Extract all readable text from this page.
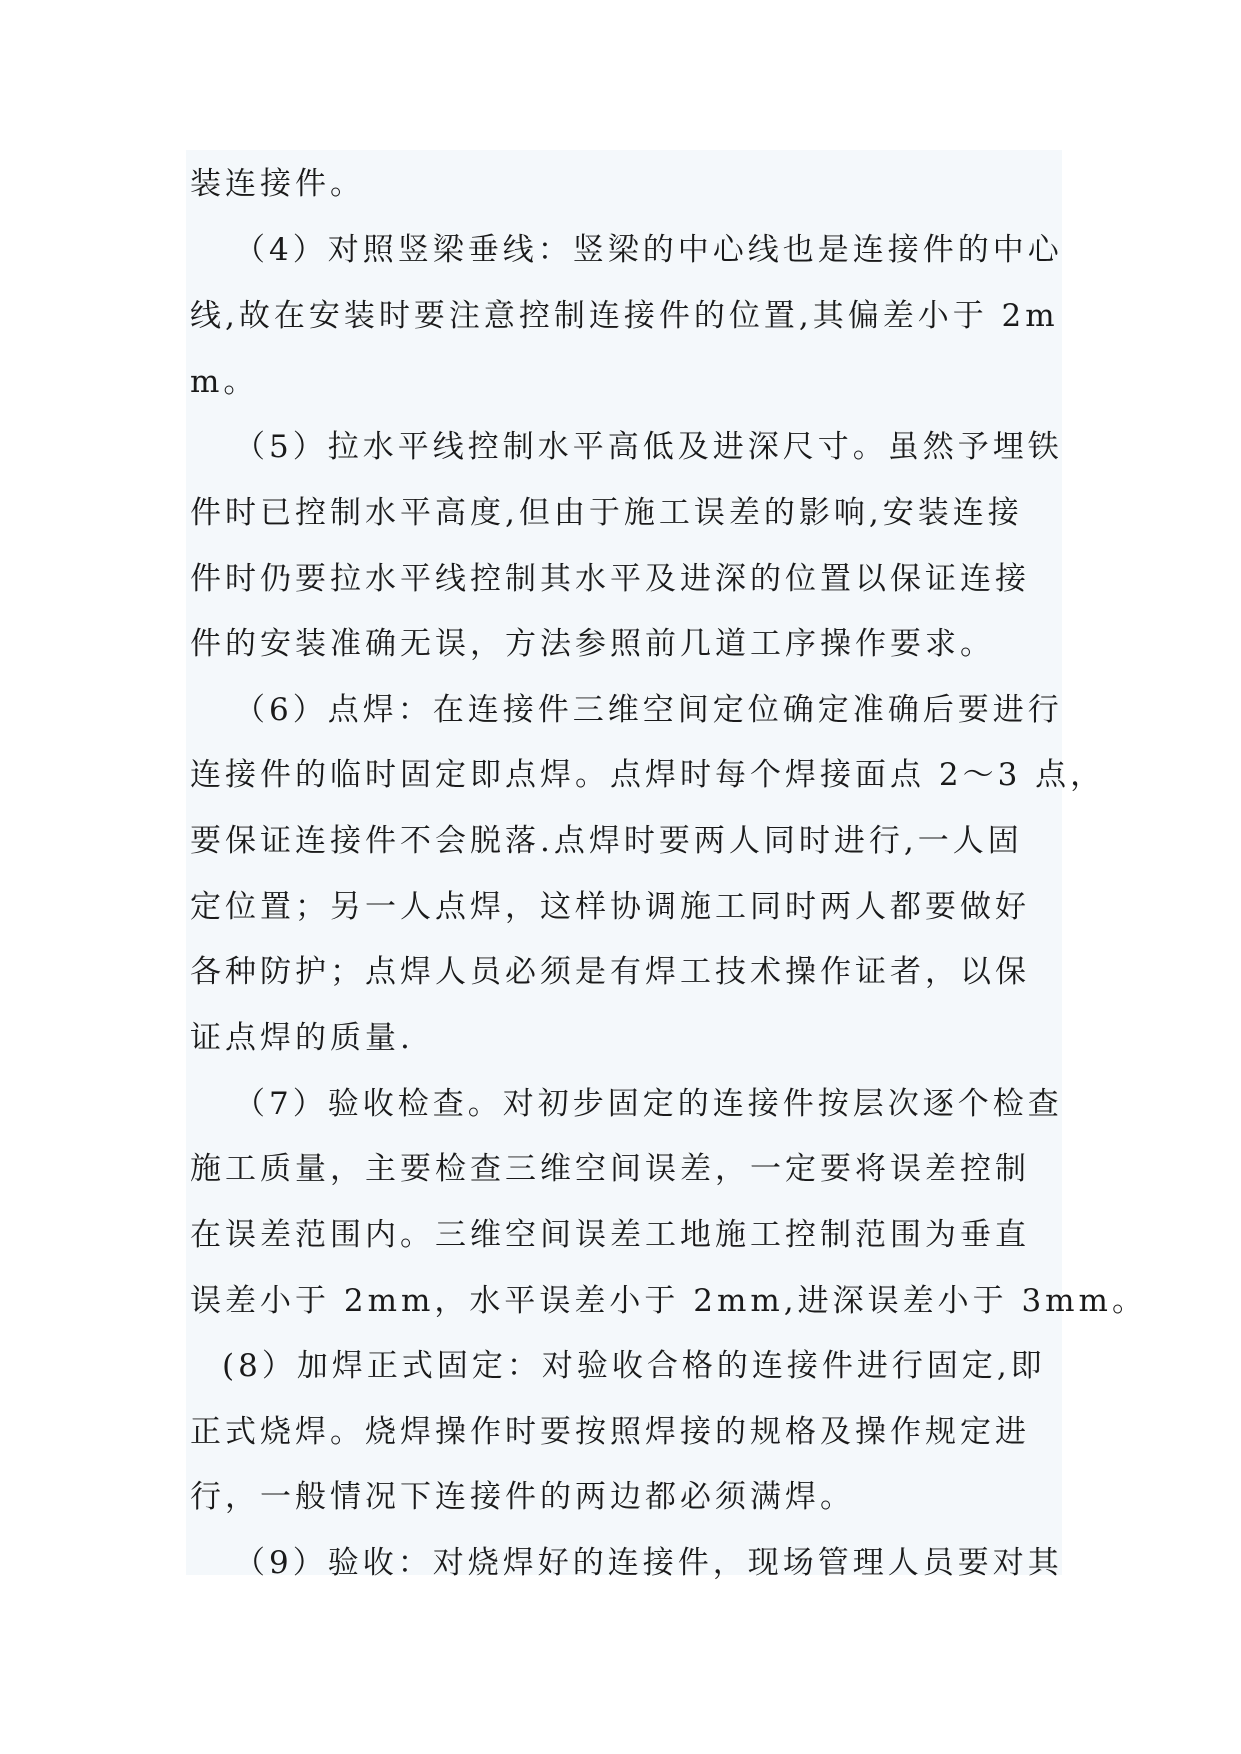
装连接件。
（4）对照竖梁垂线：竖梁的中心线也是连接件的中心
线,故在安装时要注意控制连接件的位置,其偏差小于 2m
m。
（5）拉水平线控制水平高低及进深尺寸。虽然予埋铁
件时已控制水平高度,但由于施工误差的影响,安装连接
件时仍要拉水平线控制其水平及进深的位置以保证连接
件的安装准确无误，方法参照前几道工序操作要求。
（6）点焊：在连接件三维空间定位确定准确后要进行
连接件的临时固定即点焊。点焊时每个焊接面点 2～3 点，
要保证连接件不会脱落.点焊时要两人同时进行,一人固
定位置；另一人点焊，这样协调施工同时两人都要做好
各种防护；点焊人员必须是有焊工技术操作证者，以保
证点焊的质量.
（7）验收检查。对初步固定的连接件按层次逐个检查
施工质量，主要检查三维空间误差，一定要将误差控制
在误差范围内。三维空间误差工地施工控制范围为垂直
误差小于 2mm，水平误差小于 2mm,进深误差小于 3mm。
(8）加焊正式固定：对验收合格的连接件进行固定,即
正式烧焊。烧焊操作时要按照焊接的规格及操作规定进
行，一般情况下连接件的两边都必须满焊。
（9）验收：对烧焊好的连接件，现场管理人员要对其
